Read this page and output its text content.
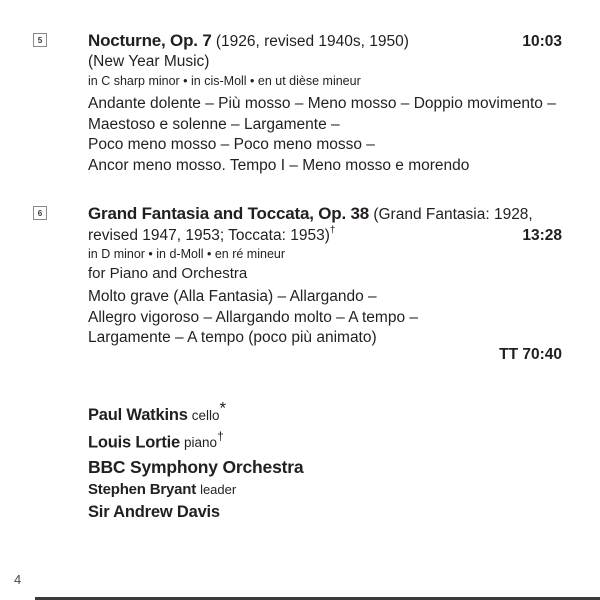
5	Nocturne, Op. 7 (1926, revised 1940s, 1950)	10:03
(New Year Music)
in C sharp minor • in cis-Moll • en ut dièse mineur
Andante dolente – Più mosso – Meno mosso – Doppio movimento –
Maestoso e solenne – Largamente –
Poco meno mosso – Poco meno mosso –
Ancor meno mosso. Tempo I – Meno mosso e morendo
6	Grand Fantasia and Toccata, Op. 38 (Grand Fantasia: 1928,
revised 1947, 1953; Toccata: 1953)†	13:28
in D minor • in d-Moll • en ré mineur
for Piano and Orchestra
Molto grave (Alla Fantasia) – Allargando –
Allegro vigoroso – Allargando molto – A tempo –
Largamente – A tempo (poco più animato)
TT 70:40
Paul Watkins cello*
Louis Lortie piano†
BBC Symphony Orchestra
Stephen Bryant leader
Sir Andrew Davis
4
